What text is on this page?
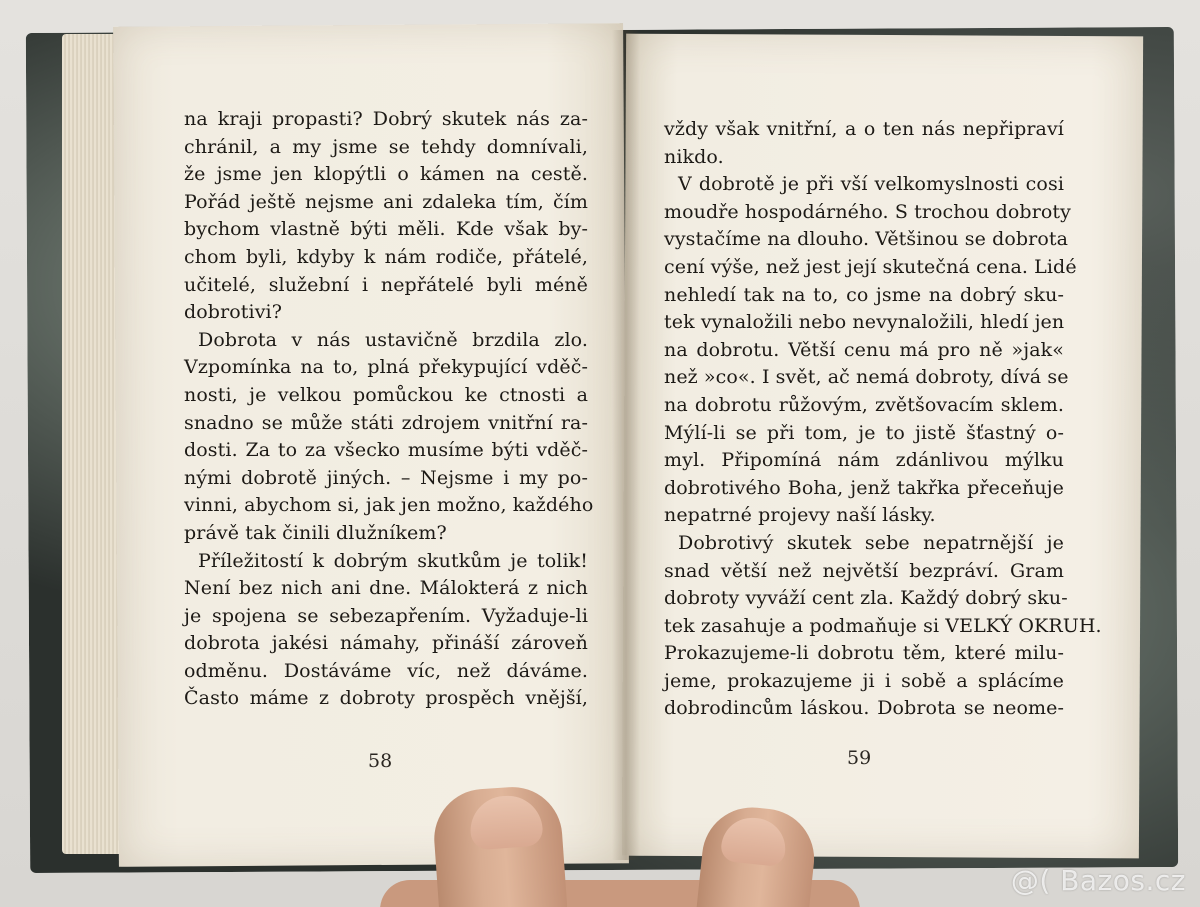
na kraji propasti? Dobrý skutek nás za-
chránil, a my jsme se tehdy domnívali,
že jsme jen klopýtli o kámen na cestě.
Pořád ještě nejsme ani zdaleka tím, čím
bychom vlastně býti měli. Kde však by-
chom byli, kdyby k nám rodiče, přátelé,
učitelé, služební i nepřátelé byli méně
dobrotivi?
Dobrota v nás ustavičně brzdila zlo.
Vzpomínka na to, plná překypující vděč-
nosti, je velkou pomůckou ke ctnosti a
snadno se může státi zdrojem vnitřní ra-
dosti. Za to za všecko musíme býti vděč-
nými dobrotě jiných. – Nejsme i my po-
vinni, abychom si, jak jen možno, každého
právě tak činili dlužníkem?
Příležitostí k dobrým skutkům je tolik!
Není bez nich ani dne. Málokterá z nich
je spojena se sebezapřením. Vyžaduje-li
dobrota jakési námahy, přináší zároveň
odměnu. Dostáváme víc, než dáváme.
Často máme z dobroty prospěch vnější,
vždy však vnitřní, a o ten nás nepřipraví
nikdo.
V dobrotě je při vší velkomyslnosti cosi
moudře hospodárného. S trochou dobroty
vystačíme na dlouho. Většinou se dobrota
cení výše, než jest její skutečná cena. Lidé
nehledí tak na to, co jsme na dobrý sku-
tek vynaložili nebo nevynaložili, hledí jen
na dobrotu. Větší cenu má pro ně »jak«
než »co«. I svět, ač nemá dobroty, dívá se
na dobrotu růžovým, zvětšovacím sklem.
Mýlí-li se při tom, je to jistě šťastný o-
myl. Připomíná nám zdánlivou mýlku
dobrotivého Boha, jenž takřka přeceňuje
nepatrné projevy naší lásky.
Dobrotivý skutek sebe nepatrnější je
snad větší než největší bezpráví. Gram
dobroty vyváží cent zla. Každý dobrý sku-
tek zasahuje a podmaňuje si VELKÝ OKRUH.
Prokazujeme-li dobrotu těm, které milu-
jeme, prokazujeme ji i sobě a splácíme
dobrodincům láskou. Dobrota se neome-
58	59
@( Bazos.cz
